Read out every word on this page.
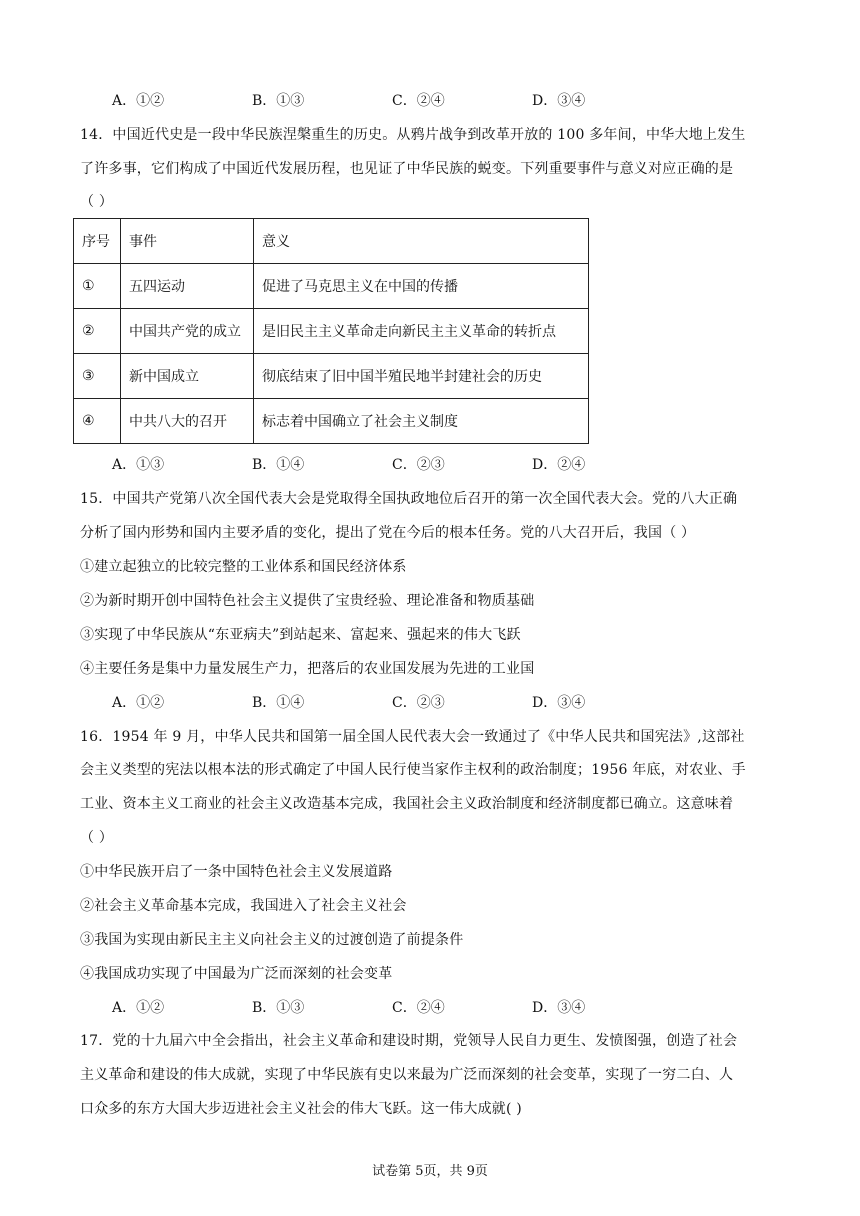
A．①②	B．①③	C．②④	D．③④
14．中国近代史是一段中华民族涅槃重生的历史。从鸦片战争到改革开放的 100 多年间，中华大地上发生
了许多事，它们构成了中国近代发展历程，也见证了中华民族的蜕变。下列重要事件与意义对应正确的是
（ ）
序号	事件	意义
①	五四运动	促进了马克思主义在中国的传播
②	中国共产党的成立	是旧民主主义革命走向新民主主义革命的转折点
③	新中国成立	彻底结束了旧中国半殖民地半封建社会的历史
④	中共八大的召开	标志着中国确立了社会主义制度
A．①③	B．①④	C．②③	D．②④
15．中国共产党第八次全国代表大会是党取得全国执政地位后召开的第一次全国代表大会。党的八大正确
分析了国内形势和国内主要矛盾的变化，提出了党在今后的根本任务。党的八大召开后，我国（ ）
①建立起独立的比较完整的工业体系和国民经济体系
②为新时期开创中国特色社会主义提供了宝贵经验、理论准备和物质基础
③实现了中华民族从“东亚病夫”到站起来、富起来、强起来的伟大飞跃
④主要任务是集中力量发展生产力，把落后的农业国发展为先进的工业国
A．①②	B．①④	C．②③	D．③④
16．1954 年 9 月，中华人民共和国第一届全国人民代表大会一致通过了《中华人民共和国宪法》,这部社
会主义类型的宪法以根本法的形式确定了中国人民行使当家作主权利的政治制度；1956 年底，对农业、手
工业、资本主义工商业的社会主义改造基本完成，我国社会主义政治制度和经济制度都已确立。这意味着
（ ）
①中华民族开启了一条中国特色社会主义发展道路
②社会主义革命基本完成，我国进入了社会主义社会
③我国为实现由新民主主义向社会主义的过渡创造了前提条件
④我国成功实现了中国最为广泛而深刻的社会变革
A．①②	B．①③	C．②④	D．③④
17．党的十九届六中全会指出，社会主义革命和建设时期，党领导人民自力更生、发愤图强，创造了社会
主义革命和建设的伟大成就，实现了中华民族有史以来最为广泛而深刻的社会变革，实现了一穷二白、人
口众多的东方大国大步迈进社会主义社会的伟大飞跃。这一伟大成就( )
试卷第 5页，共 9页
